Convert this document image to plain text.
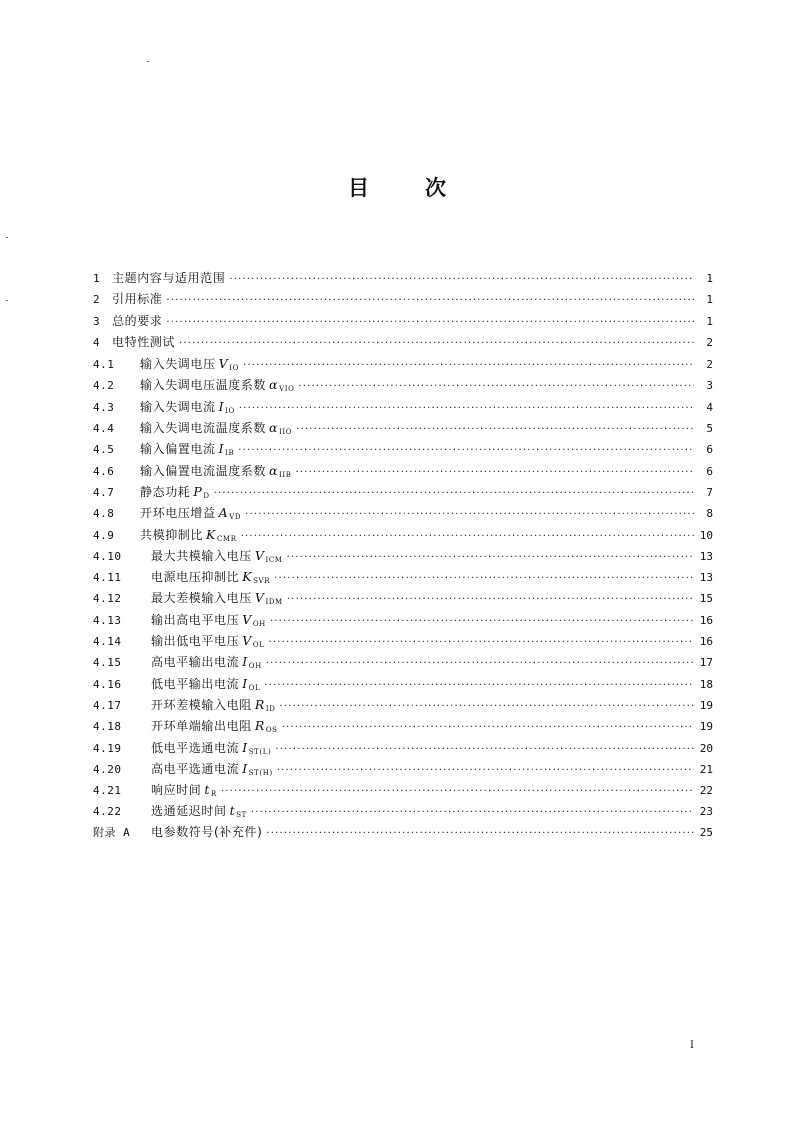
目	次
1 主题内容与适用范围 ·····	1
2 引用标准 ·····	1
3 总的要求 ·····	1
4 电特性测试 ·····	2
4.1	输入失调电压 $V_{IO}$ ·····	2
4.2	输入失调电压温度系数 $\alpha_{VIO}$ ·····	3
4.3	输入失调电流 $I_{IO}$ ·····	4
4.4	输入失调电流温度系数 $\alpha_{IIO}$ ·····	5
4.5	输入偏置电流 $I_{IB}$ ·····	6
4.6	输入偏置电流温度系数 $\alpha_{IIB}$ ·····	6
4.7	静态功耗 $P_D$ ·····	7
4.8	开环电压增益 $A_{VD}$ ·····	8
4.9	共模抑制比 $K_{CMR}$ ·····	10
4.10	最大共模输入电压 $V_{ICM}$ ·····	13
4.11	电源电压抑制比 $K_{SVR}$ ·····	13
4.12	最大差模输入电压 $V_{IDM}$ ·····	15
4.13	输出高电平电压 $V_{OH}$ ·····	16
4.14	输出低电平电压 $V_{OL}$ ·····	16
4.15	高电平输出电流 $I_{OH}$ ·····	17
4.16	低电平输出电流 $I_{OL}$ ·····	18
4.17	开环差模输入电阻 $R_{ID}$ ·····	19
4.18	开环单端输出电阻 $R_{OS}$ ·····	19
4.19	低电平选通电流 $I_{ST(L)}$ ·····	20
4.20	高电平选通电流 $I_{ST(H)}$ ·····	21
4.21	响应时间 $t_R$ ·····	22
4.22	选通延迟时间 $t_{ST}$ ·····	23
附录 A	电参数符号(补充件) ·····	25
I
